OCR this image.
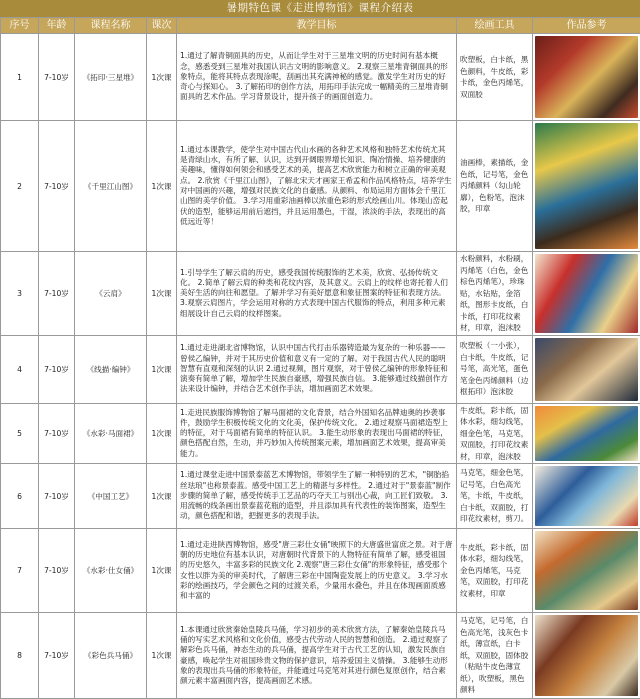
暑期特色课《走进博物馆》课程介绍表
序号	年龄	课程名称	课次	教学目标	绘画工具	作品参考
1	7-10岁	《拓印·三星堆》	1次课	1.通过了解青铜面具的历史，从而让学生对于三星堆文明的历史时间有基本概念，感悉受到三星堆对我国认识古文明的影响意义。 2.观察三星堆青铜面具的形象特点，能将其特点表现涂呢，刮画出其充满神秘的感觉。激发学生对历史的好奇心与探知心。 3.了解拓印的创作方法，用拓印手法完成一幅精美的三星堆青铜面具的艺术作品。学习背景设计，提升孩子的画面创造力。	吹塑板，白卡纸，黑色颜料，牛皮纸，彩卡纸，金色丙烯笔，双面胶	

2	7-10岁	《千里江山图》	1次课	1.通过本课教学，使学生对中国古代山水画的各种艺术风格和独特艺术传统尤其是青绿山水，有所了解、认识，达到开阔眼界增长知识、陶冶情操、培养健康的美趣味，懂得如何领会和感受艺术的美，提高艺术欣赏能力和树立正确的审美观点。 2.欣赏《千里江山图》，了解北宋天才画家王希孟和作品风格特点，培养学生对中国画的兴趣，增强对民族文化的自豪感。从颜料、布局运用方面体会千里江山图的美学价值。 3.学习用重彩油画棒以浓重色彩的形式绘画山川。体现山峦起伏的造型，能够运用前后遮挡，并且运用墨色，干湿，浓淡的手法，表现出的高低远近等！	油画棒，素描纸，金色纸，记号笔，金色丙烯颜料（勾山轮廓），色粉笔，泡沫胶，印章	

3	7-10岁	《云肩》	1次课	1.引导学生了解云肩的历史，感受我国传统服饰的艺术美，欣赏、弘扬传统文化。 2.简单了解云肩的种类和花纹内容，及其意义。云肩上的纹样也寄托着人们美好生活的向往和愿望。了解并学习有美好愿意和象征图案的特征和表现方法。 3.观察云肩图片，学会运用对称的方式表现中国古代服饰的特点，利用多种元素组展设计自己云肩的纹样图案。	水粉颜料，水粉刷，丙烯笔（白色，金色棕色丙烯笔），珍珠贴，水钻贴，金箔纸，图形卡皮纸，白卡纸，打印花纹素材，印章，泡沫胶	

4	7-10岁	《线描·编钟》	1次课	1.通过走进湖北省博物馆，认识中国古代打击乐器铸造最为复杂的一种乐器——曾侯乙编钟，并对于其历史价值和意义有一定的了解。对于我国古代人民的聪明智慧有直观和深刻的认识 2.通过视频，图片观察，对于曾侯乙编钟的形象特征和演奏有简单了解，增加学生民族自豪感，增强民族自信。 3.能够通过线描创作方法来设计编钟，并结合艺术创作手法，增加画面艺术效果。	吹塑板（一小张），白卡纸，牛皮纸，记号笔，高光笔，蛋色笔金色丙烯颜料（边框拓印）泡沫胶	

5	7-10岁	《水彩·马面裙》	1次课	1.走进民族服饰博物馆了解马面裙的文化背景，结合外国知名品牌迪奥的抄袭事件，鼓励学生积极传统文化的文化美，保护传统文化。 2.通过观察马面裙造型上的特征，对于马面裙有简单的特征认识。 3.能生动形象的表现出马面裙的特征，颜色搭配自然，生动，并巧妙加入传统图案元素，增加画面艺术效果，提高审美能力。	牛皮纸，彩卡纸，固体水彩，细勾线笔，细金色笔，马克笔，双面胶，打印花纹素材，印章，泡沫胶	

6	7-10岁	《中国工艺》	1次课	1.通过课堂走进中国景泰蓝艺术博物馆，带领学生了解一种特别的艺术，"铜胎掐丝珐琅"也称景泰蓝。感受中国工艺上的精湛与多样性。 2.通过对于"景泰蓝"制作步骤的简单了解，感受传统手工艺品的巧夺天工与别出心裁，向工匠们致敬。 3.用流畅的线条画出景泰蓝花瓶的造型，并且添加具有代表性的装饰图案，造型生动，颜色搭配和谐，把握更多的表现手法。	马克笔，细金色笔，记号笔，白色高光笔，卡纸，牛皮纸，白卡纸，双面胶，打印花纹素材，剪刀。	

7	7-10岁	《水彩·仕女俑》	1次课	1.通过走进陕西博物馆，感受"唐三彩仕女俑"映照下的大唐盛世富庶之景。对于唐朝的历史地位有基本认识，对唐朝时代背景下的人物特征有简单了解，感受祖国的历史悠久，丰富多彩的民族文化 2.观察"唐三彩仕女俑"的形象特征，感受那个女性以胖为美的审美时代，了解唐三彩在中国陶瓷发展上的历史意义。 3.学习水彩的绘画技巧，学会颜色之间的过渡关系，少量用水叠色，并且在体现画面质感和丰富的	牛皮纸，彩卡纸，固体水彩，细勾线笔，金色丙烯笔，马克笔，双面胶，打印花纹素材，印章	

8	7-10岁	《彩色兵马俑》	1次课	1.本课通过欣赏秦始皇陵兵马俑，学习初步的美术欣赏方法，了解秦始皇陵兵马俑的写实艺术风格和文化价值，感受古代劳动人民的智慧和创造。 2.通过观察了解彩色兵马俑，神态生动的兵马俑，提高学生对于古代工艺的认知，激发民族自豪感，唤起学生对祖国珍贵文物的保护意识，培养爱国主义情操。 3.能够生动形象的表现出兵马俑的形象特征，并能通过马克笔对其进行颜色复原创作，结合素颜元素丰富画面内容，提高画面艺术感。	马克笔，记号笔，白色高光笔，浅灰色卡纸，薄宣纸，白卡纸，双面胶，固体胶（粘贴牛皮色薄宣纸），吹塑板，黑色颜料	
